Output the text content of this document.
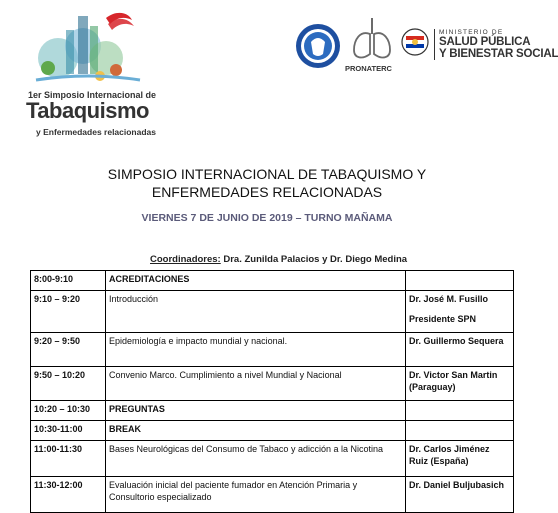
1er Simposio Internacional de
Tabaquismo
y Enfermedades relacionadas
PRONATERC
MINISTERIO DE
SALUD PÚBLICA
Y BIENESTAR SOCIAL
SIMPOSIO INTERNACIONAL DE TABAQUISMO Y
ENFERMEDADES RELACIONADAS
VIERNES 7 DE JUNIO DE 2019 – TURNO MAÑAMA
Coordinadores: Dra. Zunilda Palacios y Dr. Diego Medina
8:00-9:10	ACREDITACIONES	
9:10 – 9:20	Introducción	Dr. José M. Fusillo
Presidente SPN

9:20 – 9:50	Epidemiología e impacto mundial y nacional.	Dr. Guillermo Sequera
9:50 – 10:20	Convenio Marco. Cumplimiento a nivel Mundial y Nacional	Dr. Victor San Martin (Paraguay)
10:20 – 10:30	PREGUNTAS	
10:30-11:00	BREAK	
11:00-11:30	Bases Neurológicas del Consumo de Tabaco y adicción a la Nicotina	Dr. Carlos Jiménez Ruiz (España)
11:30-12:00	Evaluación inicial del paciente fumador en Atención Primaria y Consultorio especializado	Dr. Daniel Buljubasich
